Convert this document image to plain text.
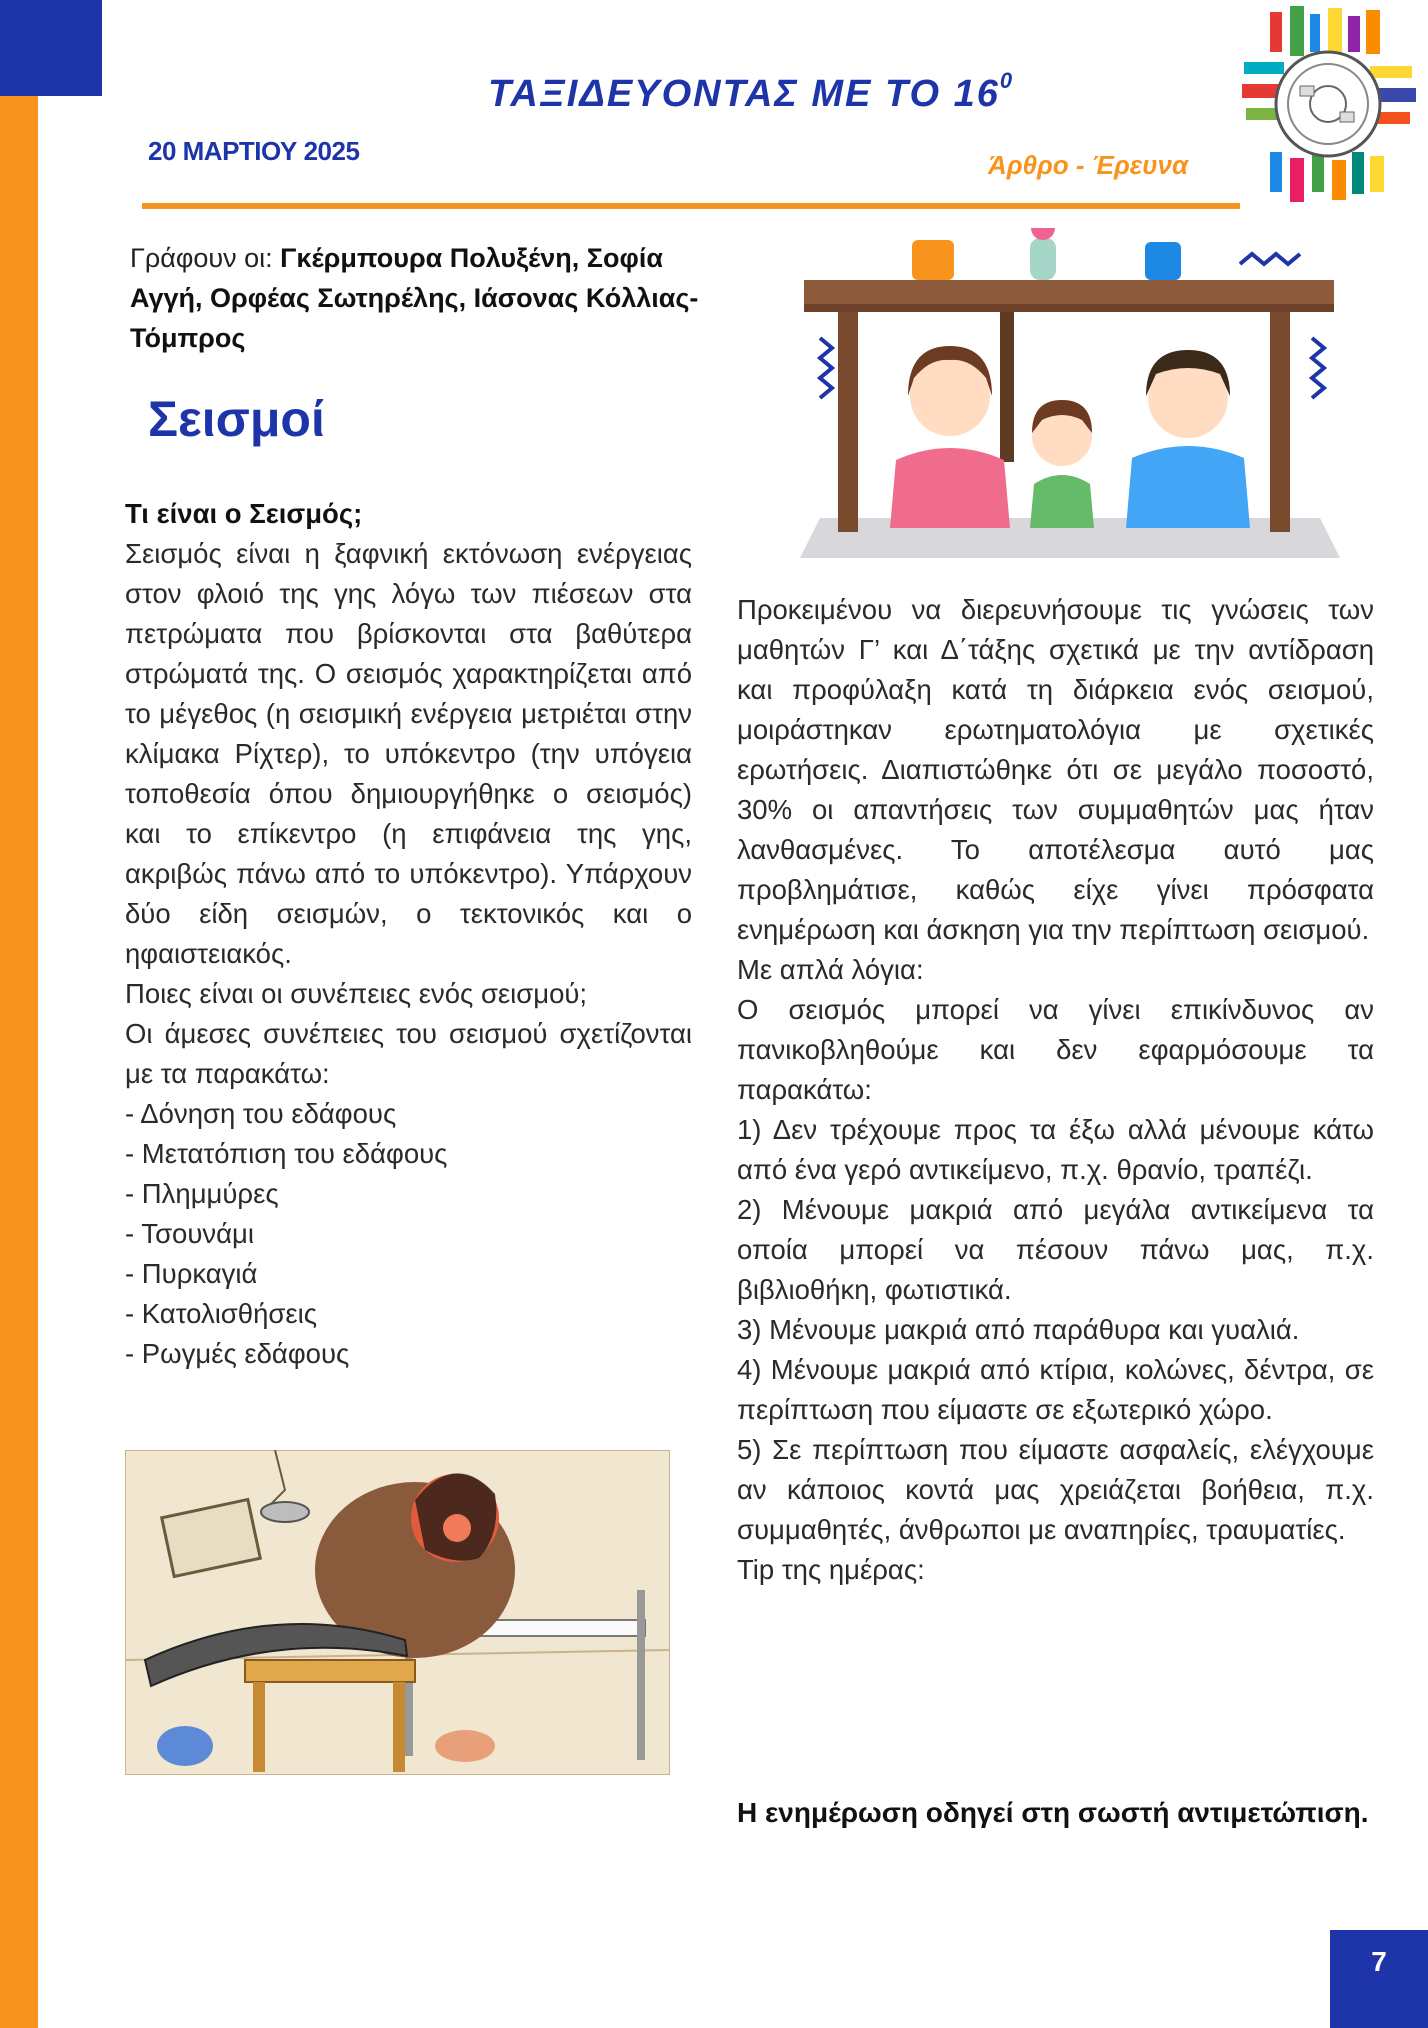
ΤΑΞΙΔΕΥΟΝΤΑΣ ΜΕ ΤΟ $16^0$
20 ΜΑΡΤΙΟΥ 2025	Άρθρο - Έρευνα
Γράφουν οι: Γκέρμπουρα Πολυξένη, Σοφία Αγγή, Ορφέας Σωτηρέλης, Ιάσονας Κόλλιας-Τόμπρος
Σεισμοί

Τι είναι ο Σεισμός;

Σεισμός είναι η ξαφνική εκτόνωση ενέργειας στον φλοιό της γης λόγω των πιέσεων στα πετρώματα που βρίσκονται στα βαθύτερα στρώματά της. Ο σεισμός χαρακτηρίζεται από το μέγεθος (η σεισμική ενέργεια μετριέται στην κλίμακα Ρίχτερ), το υπόκεντρο (την υπόγεια τοποθεσία όπου δημιουργήθηκε ο σεισμός) και το επίκεντρο (η επιφάνεια της γης, ακριβώς πάνω από το υπόκεντρο). Υπάρχουν δύο είδη σεισμών, ο τεκτονικός και ο ηφαιστειακός.

Ποιες είναι οι συνέπειες ενός σεισμού;

Οι άμεσες συνέπειες του σεισμού σχετίζονται με τα παρακάτω:

- Δόνηση του εδάφους

- Μετατόπιση του εδάφους

- Πλημμύρες

- Τσουνάμι

- Πυρκαγιά

- Κατολισθήσεις

- Ρωγμές εδάφους

Προκειμένου να διερευνήσουμε τις γνώσεις των μαθητών Γ’ και Δ΄τάξης σχετικά με την αντίδραση και προφύλαξη κατά τη διάρκεια ενός σεισμού, μοιράστηκαν ερωτηματολόγια με σχετικές ερωτήσεις. Διαπιστώθηκε ότι σε μεγάλο ποσοστό, 30% οι απαντήσεις των συμμαθητών μας ήταν λανθασμένες. Το αποτέλεσμα αυτό μας προβλημάτισε, καθώς είχε γίνει πρόσφατα ενημέρωση και άσκηση για την περίπτωση σεισμού.

Με απλά λόγια:

Ο σεισμός μπορεί να γίνει επικίνδυνος αν πανικοβληθούμε και δεν εφαρμόσουμε τα παρακάτω:

1) Δεν τρέχουμε προς τα έξω αλλά μένουμε κάτω από ένα γερό αντικείμενο, π.χ. θρανίο, τραπέζι.

2) Μένουμε μακριά από μεγάλα αντικείμενα τα οποία μπορεί να πέσουν πάνω μας, π.χ. βιβλιοθήκη, φωτιστικά.

3) Μένουμε μακριά από παράθυρα και γυαλιά.

4) Μένουμε μακριά από κτίρια, κολώνες, δέντρα, σε περίπτωση που είμαστε σε εξωτερικό χώρο.

5) Σε περίπτωση που είμαστε ασφαλείς, ελέγχουμε αν κάποιος κοντά μας χρειάζεται βοήθεια, π.χ. συμμαθητές, άνθρωποι με αναπηρίες, τραυματίες.

Tip της ημέρας:

Η ενημέρωση οδηγεί στη σωστή αντιμετώπιση.
7
